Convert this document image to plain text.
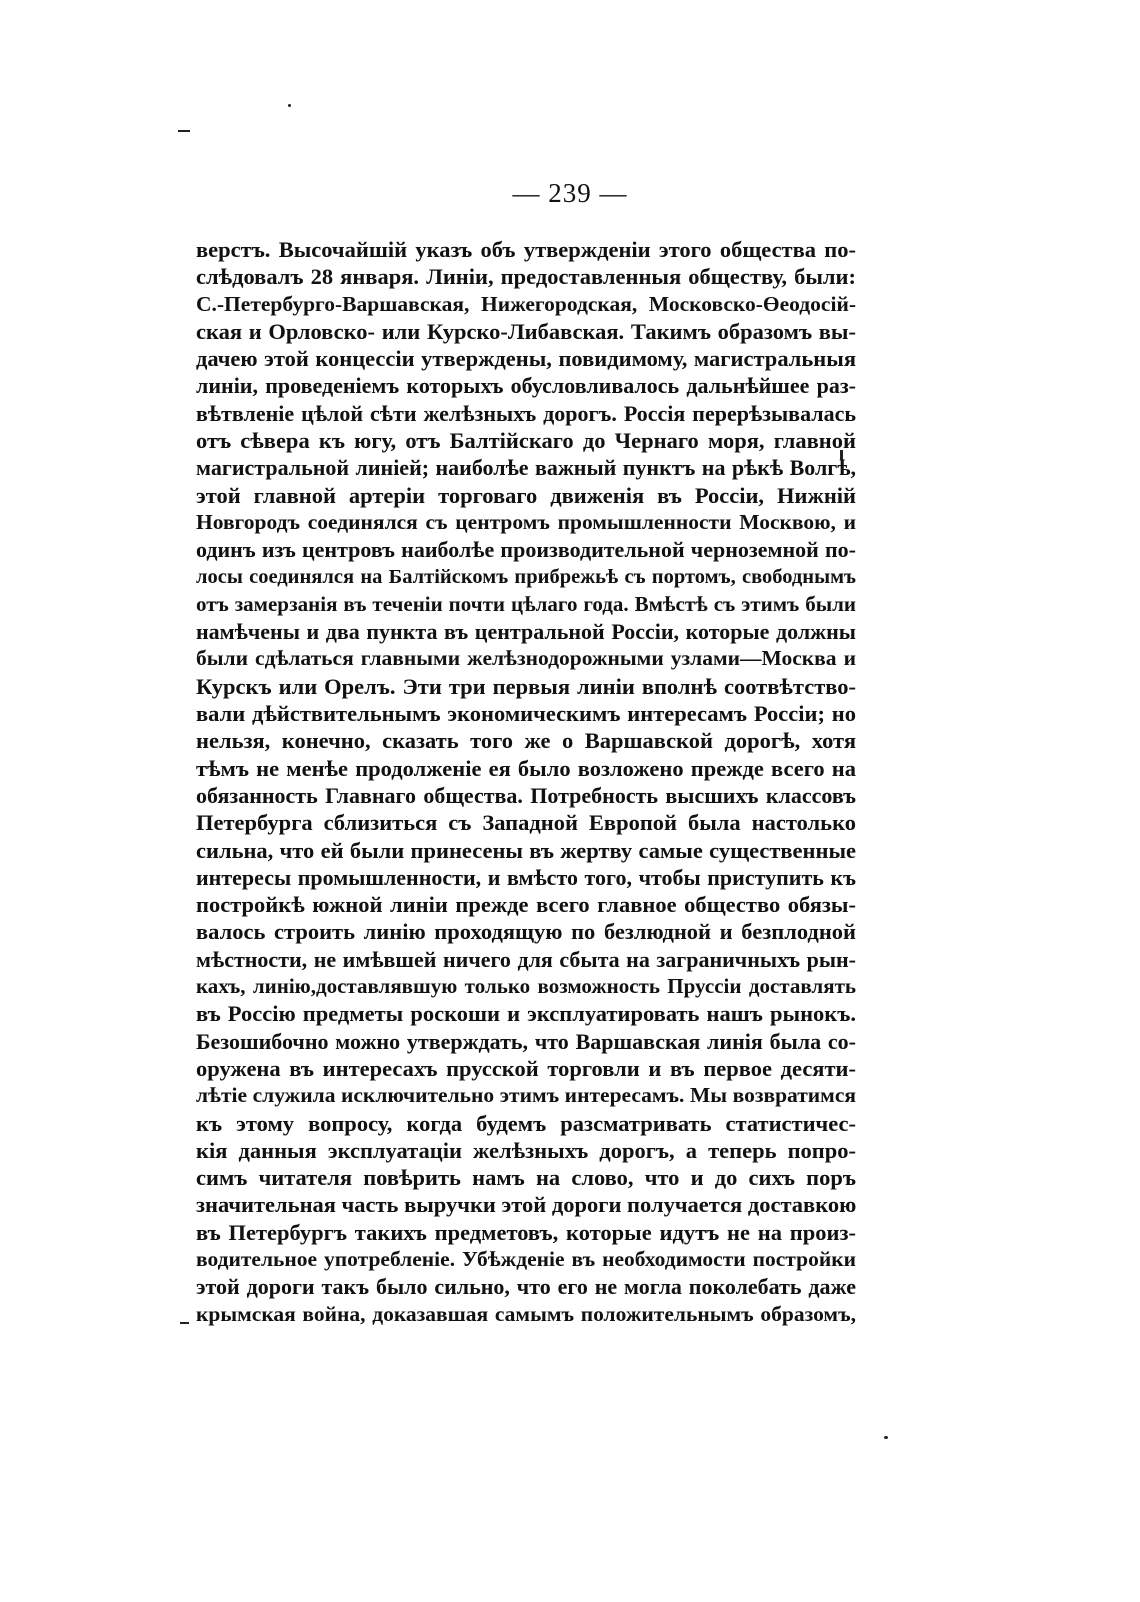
— 239 —
верстъ. Высочайшiй указъ объ утвержденiи этого общества по-
слѣдовалъ 28 января. Линiи, предоставленныя обществу, были:
С.-Петербурго-Варшавская, Нижегородская, Московско-Өеодосiй-
ская и Орловско- или Курско-Либавская. Такимъ образомъ вы-
дачею этой концессiи утверждены, повидимому, магистральныя
линiи, проведенiемъ которыхъ обусловливалось дальнѣйшее раз-
вѣтвленiе цѣлой сѣти желѣзныхъ дорогъ. Россiя перерѣзывалась
отъ сѣвера къ югу, отъ Балтiйскаго до Чернаго моря, главной
магистральной линiей; наиболѣе важный пунктъ на рѣкѣ Волгѣ,
этой главной артерiи торговаго движенiя въ Россiи, Нижнiй
Новгородъ соединялся съ центромъ промышленности Москвою, и
одинъ изъ центровъ наиболѣе производительной черноземной по-
лосы соединялся на Балтiйскомъ прибрежьѣ съ портомъ, свободнымъ
отъ замерзанiя въ теченiи почти цѣлаго года. Вмѣстѣ съ этимъ были
намѣчены и два пункта въ центральной Россiи, которые должны
были сдѣлаться главными желѣзнодорожными узлами—Москва и
Курскъ или Орелъ. Эти три первыя линiи вполнѣ соотвѣтство-
вали дѣйствительнымъ экономическимъ интересамъ Россiи; но
нельзя, конечно, сказать того же о Варшавской дорогѣ, хотя
тѣмъ не менѣе продолженiе ея было возложено прежде всего на
обязанность Главнаго общества. Потребность высшихъ классовъ
Петербурга сблизиться съ Западной Европой была настолько
сильна, что ей были принесены въ жертву самые существенные
интересы промышленности, и вмѣсто того, чтобы приступить къ
постройкѣ южной линiи прежде всего главное общество обязы-
валось строить линiю проходящую по безлюдной и безплодной
мѣстности, не имѣвшей ничего для сбыта на заграничныхъ рын-
кахъ, линiю,доставлявшую только возможность Пруссiи доставлять
въ Россiю предметы роскоши и эксплуатировать нашъ рынокъ.
Безошибочно можно утверждать, что Варшавская линiя была со-
оружена въ интересахъ прусской торговли и въ первое десяти-
лѣтiе служила исключительно этимъ интересамъ. Мы возвратимся
къ этому вопросу, когда будемъ разсматривать статистичес-
кiя данныя эксплуатацiи желѣзныхъ дорогъ, а теперь попро-
симъ читателя повѣрить намъ на слово, что и до сихъ поръ
значительная часть выручки этой дороги получается доставкою
въ Петербургъ такихъ предметовъ, которые идутъ не на произ-
водительное употребленiе. Убѣжденiе въ необходимости постройки
этой дороги такъ было сильно, что его не могла поколебать даже
крымская война, доказавшая самымъ положительнымъ образомъ,
